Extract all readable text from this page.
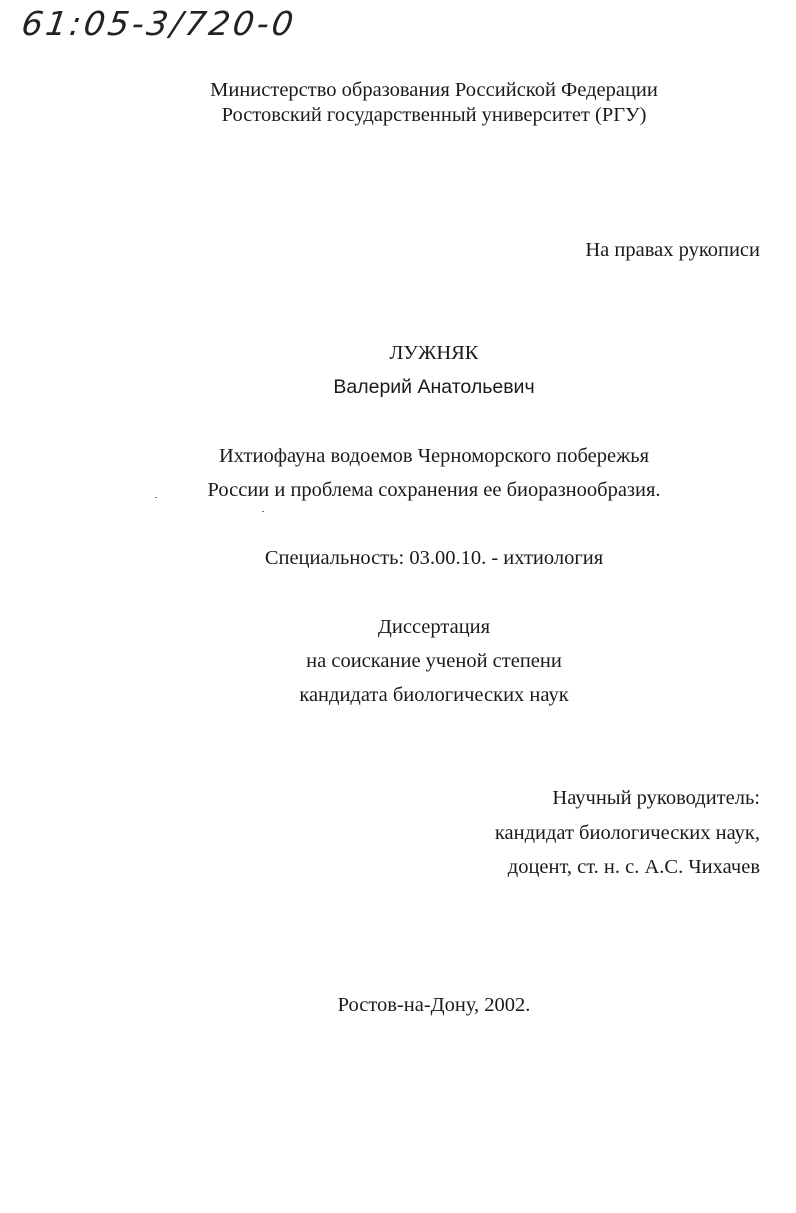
61:05-3/720-0
Министерство образования Российской Федерации
Ростовский государственный университет (РГУ)
На правах рукописи
ЛУЖНЯК
Валерий Анатольевич
Ихтиофауна водоемов Черноморского побережья
России и проблема сохранения ее биоразнообразия.
Специальность: 03.00.10. - ихтиология
Диссертация
на соискание ученой степени
кандидата биологических наук
Научный руководитель:
кандидат биологических наук,
доцент, ст. н. с. А.С. Чихачев
Ростов-на-Дону, 2002.
